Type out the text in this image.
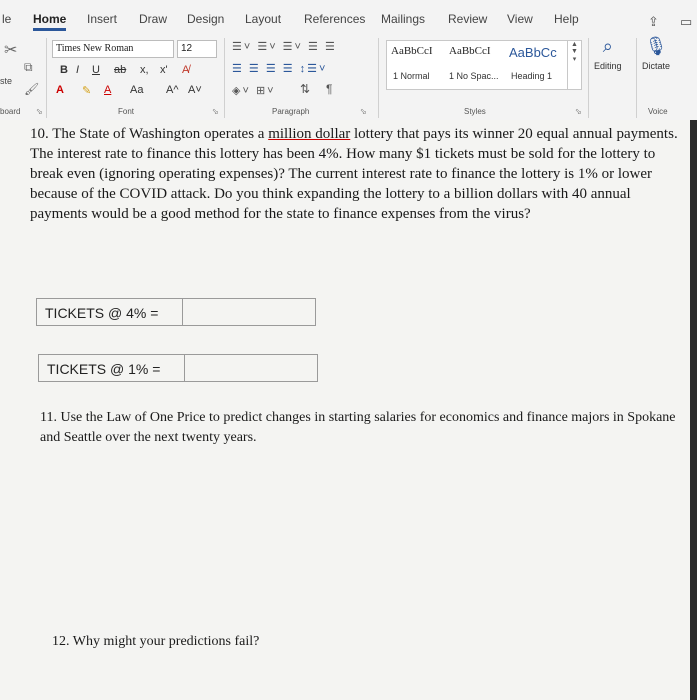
le Home Insert Draw Design Layout References Mailings Review View Help	⇪ ▭
✂
⧉
🖌
ste
board ⬂
Times New Roman	12
B I U ab x, x' A̸
A ✎ A Aa A^ A˅
Font	⬂
☰˅ ☰˅ ☰˅ ☰ ☰
☰ ☰ ☰ ☰ ↕☰˅
◈˅ ⊞˅ ⇅ ¶
Paragraph	⬂
AaBbCcI AaBbCcI AaBbCc
1 Normal 1 No Spac... Heading 1
▲
▼
▾
Styles	⬂
⌕
Editing
🎙
Dictate
Voice

10. The State of Washington operates a million dollar lottery that pays its winner 20 equal annual payments. The interest rate to finance this lottery has been 4%. How many $1 tickets must be sold for the lottery to break even (ignoring operating expenses)? The current interest rate to finance the lottery is 1% or lower because of the COVID attack. Do you think expanding the lottery to a billion dollars with 40 annual payments would be a good method for the state to finance expenses from the virus?

TICKETS @ 4% =
TICKETS @ 1% =

11. Use the Law of One Price to predict changes in starting salaries for economics and finance majors in Spokane and Seattle over the next twenty years.

12. Why might your predictions fail?
